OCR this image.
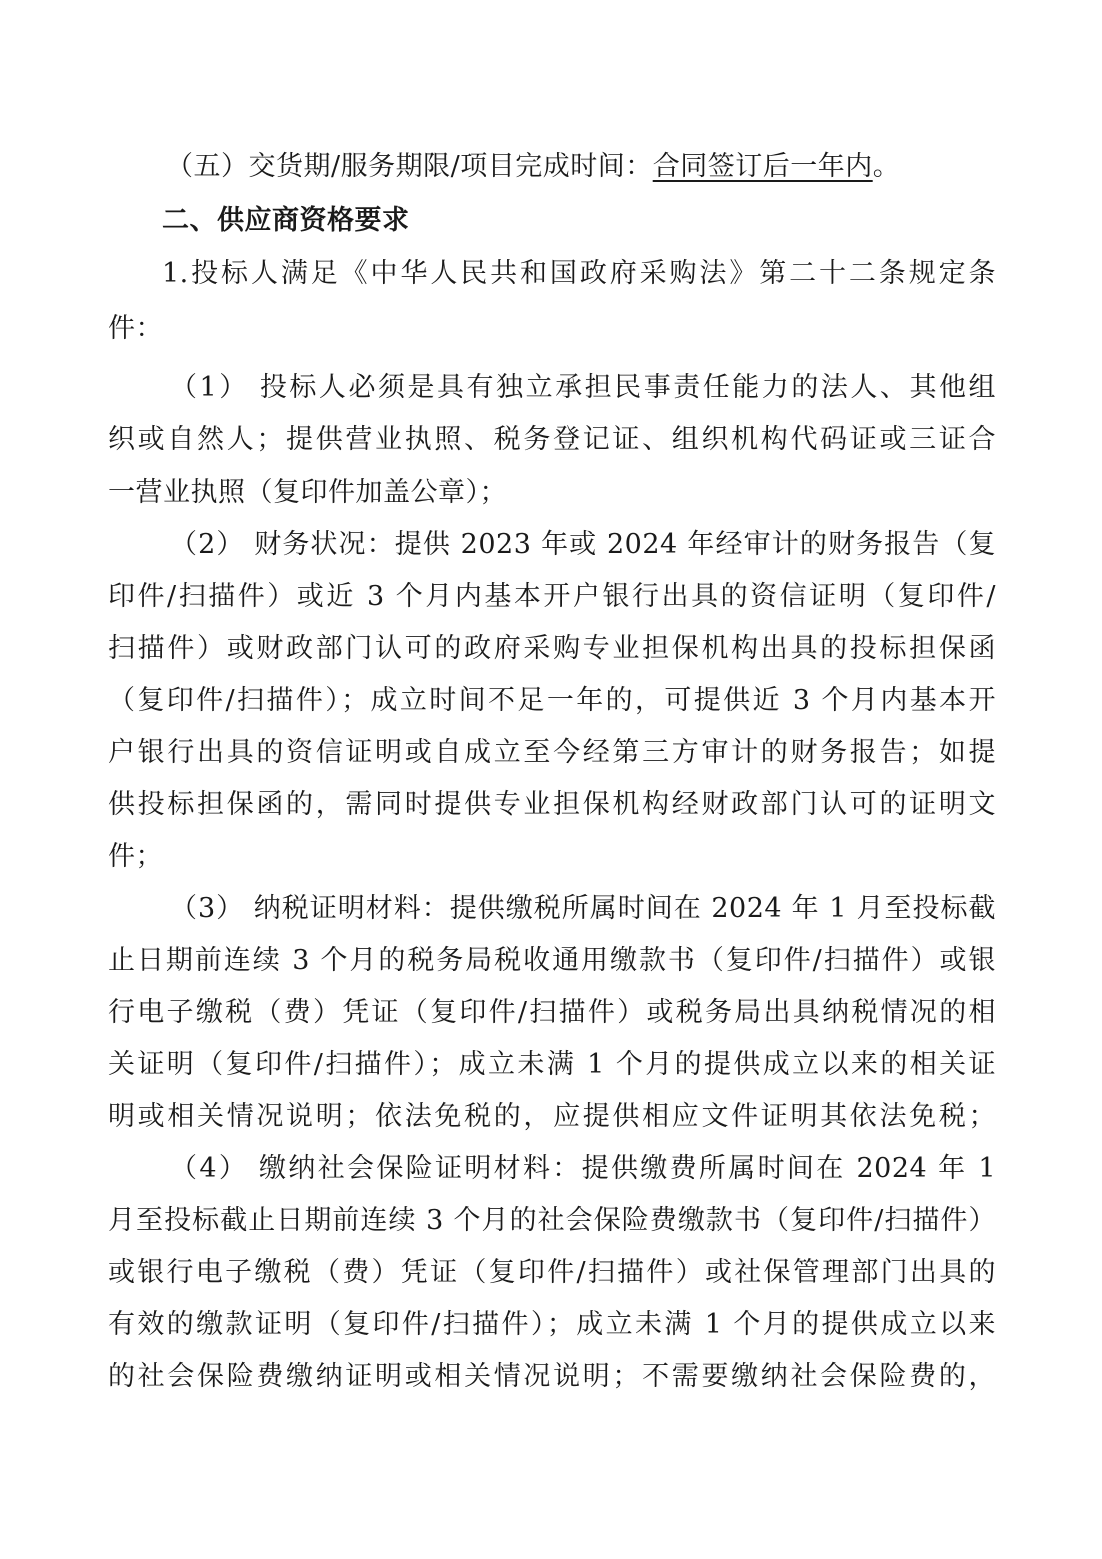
（五）交货期/服务期限/项目完成时间：合同签订后一年内。
二、供应商资格要求
1.投标人满足《中华人民共和国政府采购法》第二十二条规定条
件：
（1） 投标人必须是具有独立承担民事责任能力的法人、其他组
织或自然人；提供营业执照、税务登记证、组织机构代码证或三证合
一营业执照（复印件加盖公章）；
（2） 财务状况：提供 2023 年或 2024 年经审计的财务报告（复
印件/扫描件）或近 3 个月内基本开户银行出具的资信证明（复印件/
扫描件）或财政部门认可的政府采购专业担保机构出具的投标担保函
（复印件/扫描件）；成立时间不足一年的，可提供近 3 个月内基本开
户银行出具的资信证明或自成立至今经第三方审计的财务报告；如提
供投标担保函的，需同时提供专业担保机构经财政部门认可的证明文
件；
（3） 纳税证明材料：提供缴税所属时间在 2024 年 1 月至投标截
止日期前连续 3 个月的税务局税收通用缴款书（复印件/扫描件）或银
行电子缴税（费）凭证（复印件/扫描件）或税务局出具纳税情况的相
关证明（复印件/扫描件）；成立未满 1 个月的提供成立以来的相关证
明或相关情况说明；依法免税的，应提供相应文件证明其依法免税；
（4） 缴纳社会保险证明材料：提供缴费所属时间在 2024 年 1
月至投标截止日期前连续 3 个月的社会保险费缴款书（复印件/扫描件）
或银行电子缴税（费）凭证（复印件/扫描件）或社保管理部门出具的
有效的缴款证明（复印件/扫描件）；成立未满 1 个月的提供成立以来
的社会保险费缴纳证明或相关情况说明；不需要缴纳社会保险费的，
